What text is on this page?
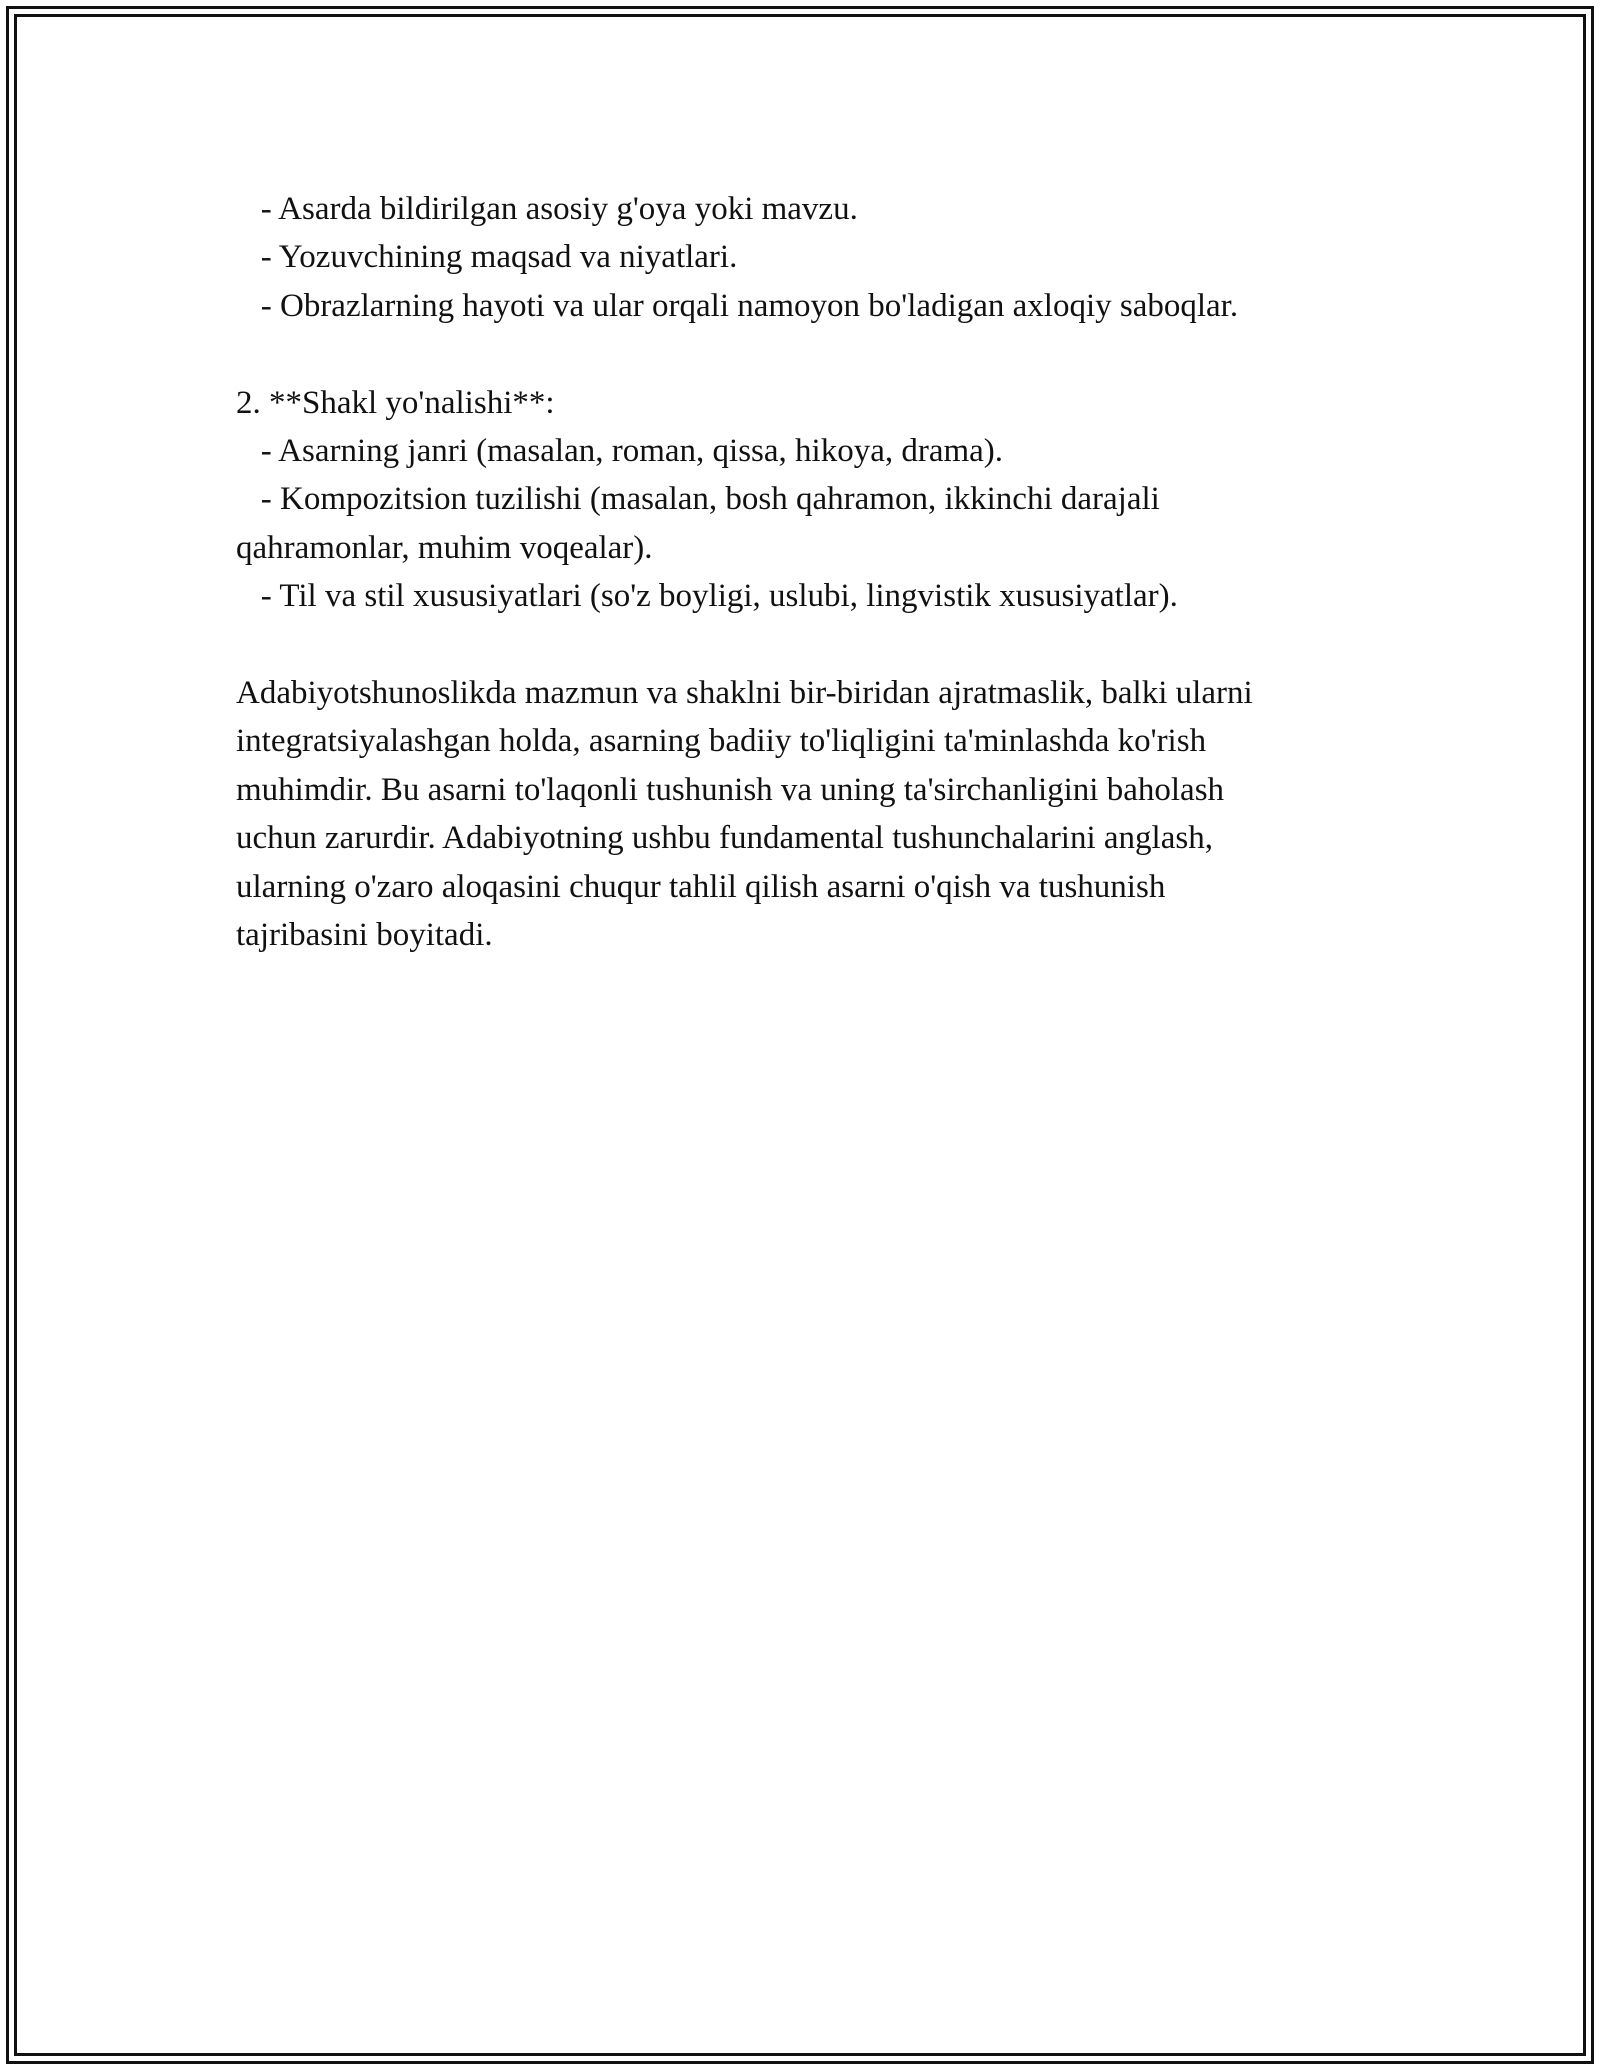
- Asarda bildirilgan asosiy g'oya yoki mavzu.
- Yozuvchining maqsad va niyatlari.
- Obrazlarning hayoti va ular orqali namoyon bo'ladigan axloqiy saboqlar.
2. **Shakl yo'nalishi**:
- Asarning janri (masalan, roman, qissa, hikoya, drama).
- Kompozitsion tuzilishi (masalan, bosh qahramon, ikkinchi darajali
qahramonlar, muhim voqealar).
- Til va stil xususiyatlari (so'z boyligi, uslubi, lingvistik xususiyatlar).
Adabiyotshunoslikda mazmun va shaklni bir-biridan ajratmaslik, balki ularni
integratsiyalashgan holda, asarning badiiy to'liqligini ta'minlashda ko'rish
muhimdir. Bu asarni to'laqonli tushunish va uning ta'sirchanligini baholash
uchun zarurdir. Adabiyotning ushbu fundamental tushunchalarini anglash,
ularning o'zaro aloqasini chuqur tahlil qilish asarni o'qish va tushunish
tajribasini boyitadi.
